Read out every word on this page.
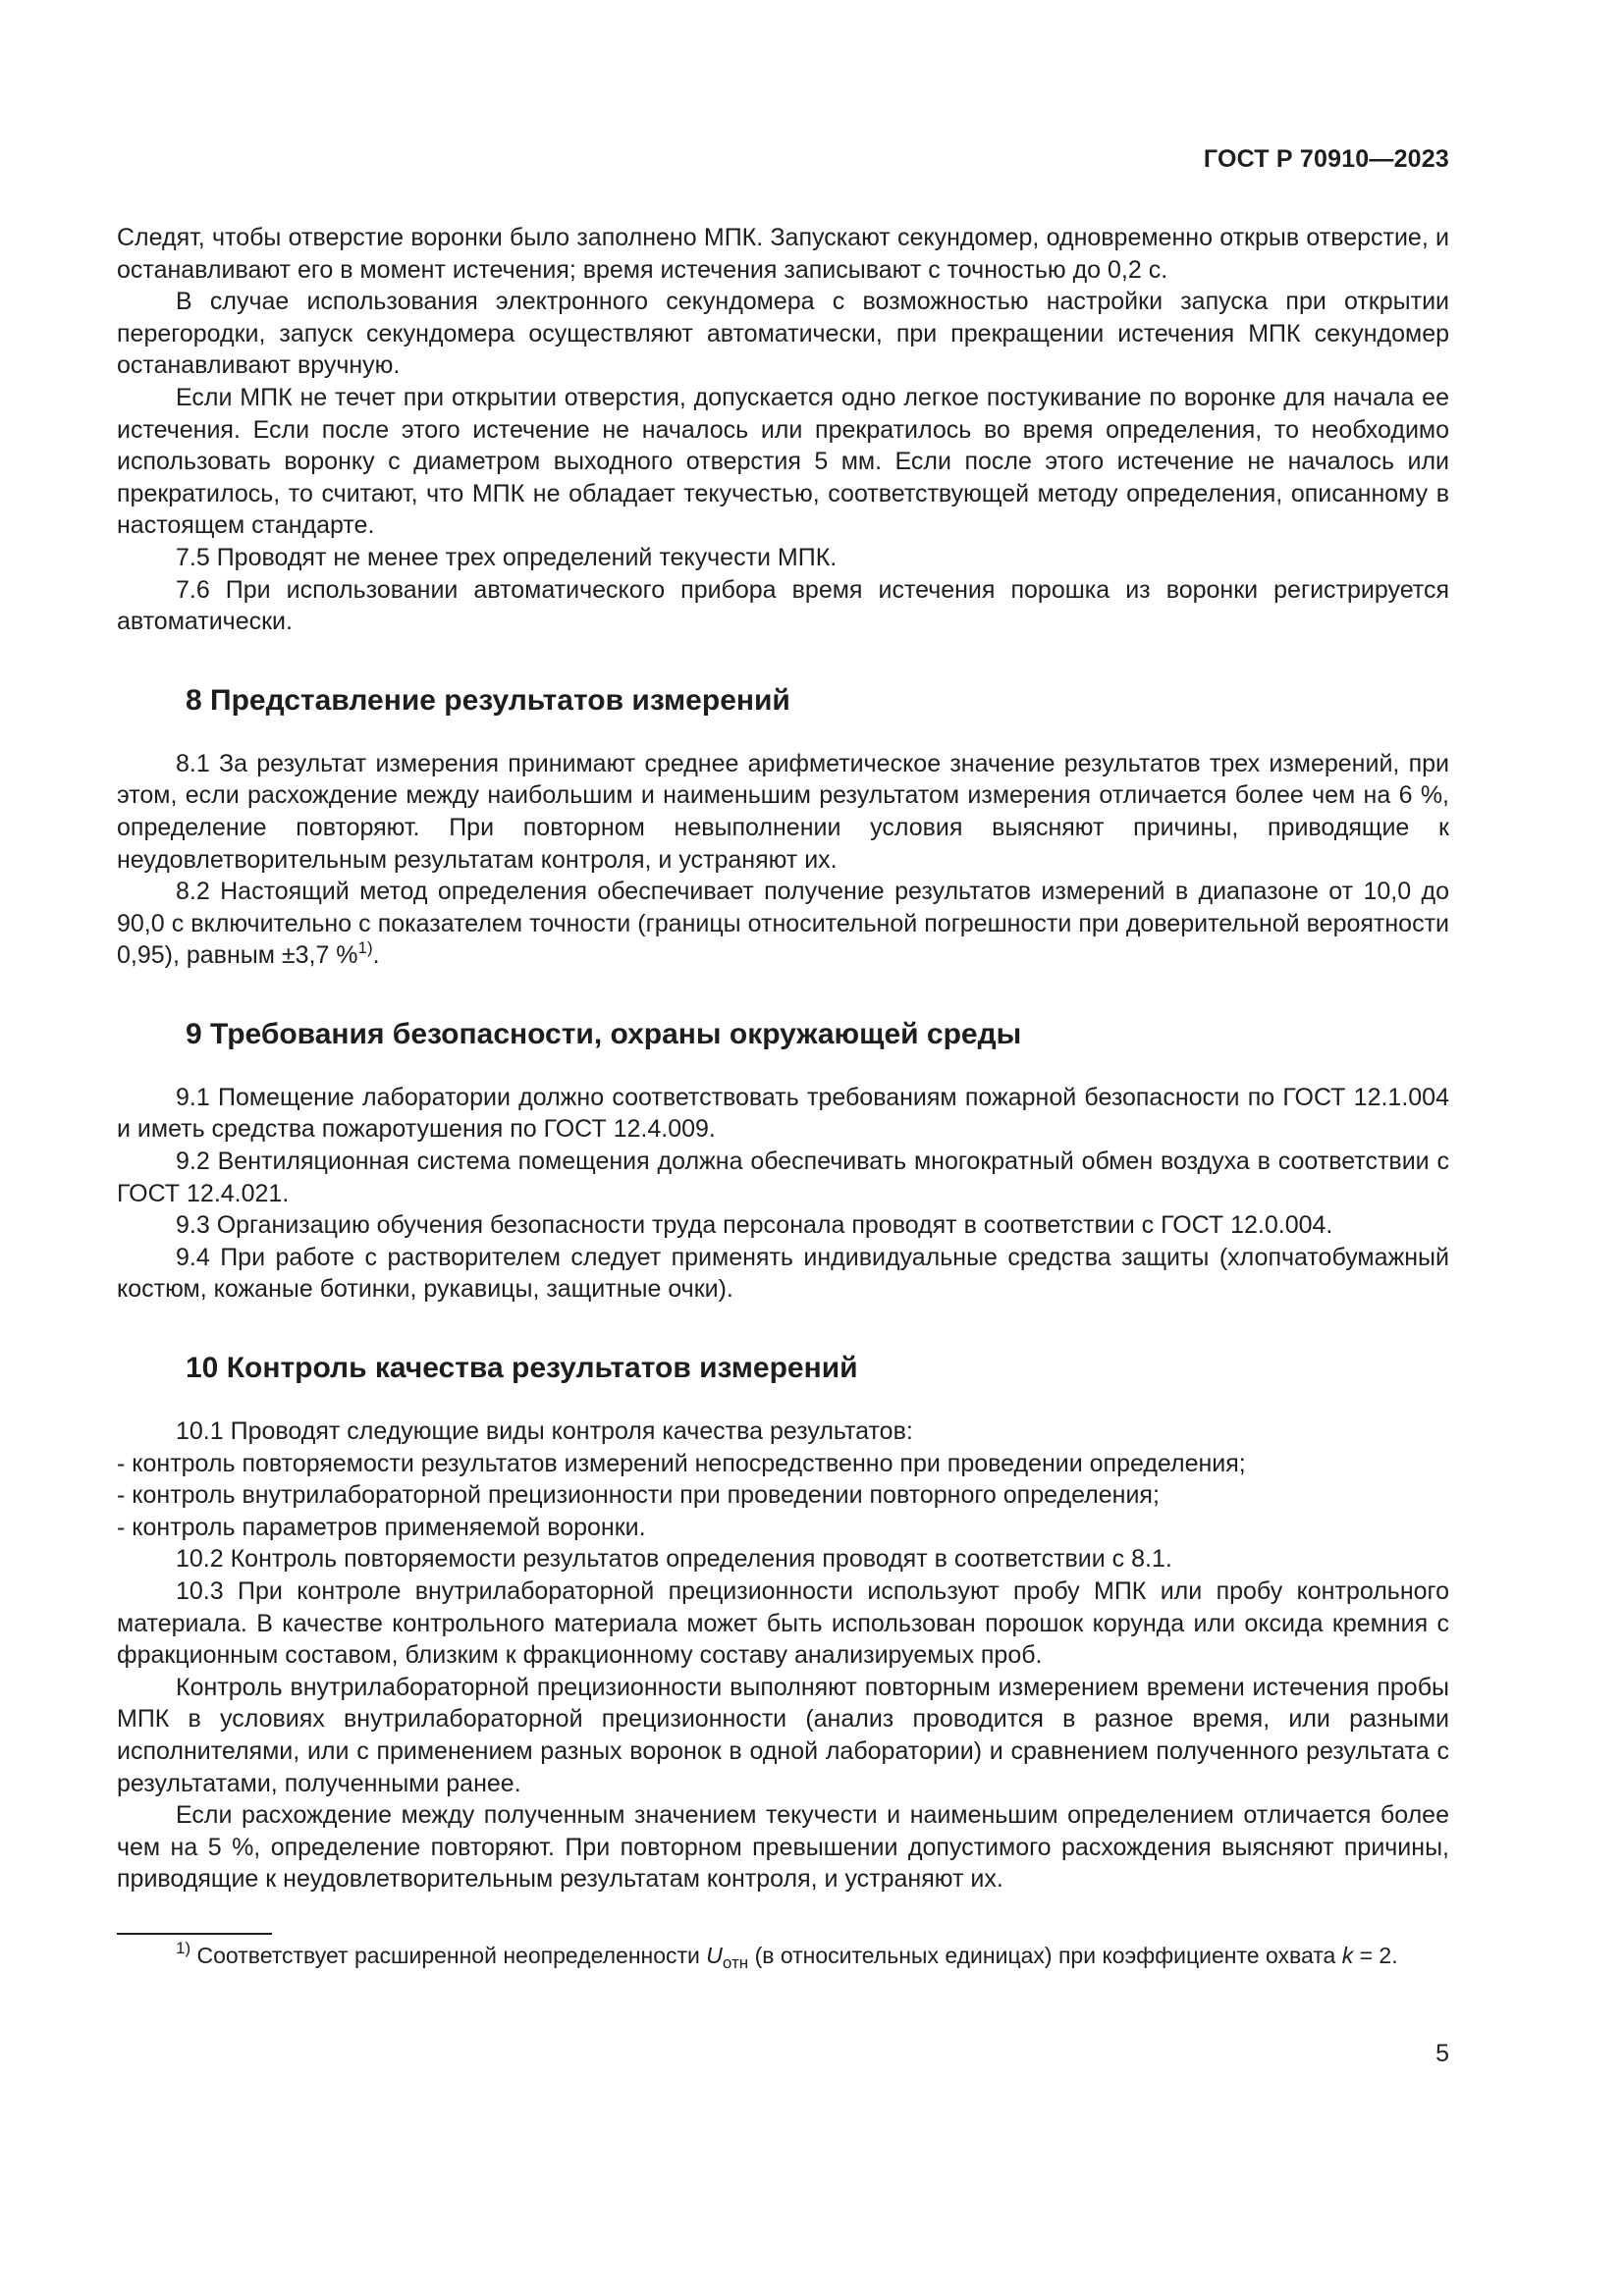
ГОСТ Р 70910—2023

Следят, чтобы отверстие воронки было заполнено МПК. Запускают секундомер, одновременно открыв отверстие, и останавливают его в момент истечения; время истечения записывают с точностью до 0,2 с.

В случае использования электронного секундомера с возможностью настройки запуска при открытии перегородки, запуск секундомера осуществляют автоматически, при прекращении истечения МПК секундомер останавливают вручную.

Если МПК не течет при открытии отверстия, допускается одно легкое постукивание по воронке для начала ее истечения. Если после этого истечение не началось или прекратилось во время определения, то необходимо использовать воронку с диаметром выходного отверстия 5 мм. Если после этого истечение не началось или прекратилось, то считают, что МПК не обладает текучестью, соответствующей методу определения, описанному в настоящем стандарте.

7.5 Проводят не менее трех определений текучести МПК.

7.6 При использовании автоматического прибора время истечения порошка из воронки регистрируется автоматически.

8 Представление результатов измерений

8.1 За результат измерения принимают среднее арифметическое значение результатов трех измерений, при этом, если расхождение между наибольшим и наименьшим результатом измерения отличается более чем на 6 %, определение повторяют. При повторном невыполнении условия выясняют причины, приводящие к неудовлетворительным результатам контроля, и устраняют их.

8.2 Настоящий метод определения обеспечивает получение результатов измерений в диапазоне от 10,0 до 90,0 с включительно с показателем точности (границы относительной погрешности при доверительной вероятности 0,95), равным ±3,7 %$^{1)}$.

9 Требования безопасности, охраны окружающей среды

9.1 Помещение лаборатории должно соответствовать требованиям пожарной безопасности по ГОСТ 12.1.004 и иметь средства пожаротушения по ГОСТ 12.4.009.

9.2 Вентиляционная система помещения должна обеспечивать многократный обмен воздуха в соответствии с ГОСТ 12.4.021.

9.3 Организацию обучения безопасности труда персонала проводят в соответствии с ГОСТ 12.0.004.

9.4 При работе с растворителем следует применять индивидуальные средства защиты (хлопчатобумажный костюм, кожаные ботинки, рукавицы, защитные очки).

10 Контроль качества результатов измерений

10.1 Проводят следующие виды контроля качества результатов:

- контроль повторяемости результатов измерений непосредственно при проведении определения;

- контроль внутрилабораторной прецизионности при проведении повторного определения;

- контроль параметров применяемой воронки.

10.2 Контроль повторяемости результатов определения проводят в соответствии с 8.1.

10.3 При контроле внутрилабораторной прецизионности используют пробу МПК или пробу контрольного материала. В качестве контрольного материала может быть использован порошок корунда или оксида кремния с фракционным составом, близким к фракционному составу анализируемых проб.

Контроль внутрилабораторной прецизионности выполняют повторным измерением времени истечения пробы МПК в условиях внутрилабораторной прецизионности (анализ проводится в разное время, или разными исполнителями, или с применением разных воронок в одной лаборатории) и сравнением полученного результата с результатами, полученными ранее.

Если расхождение между полученным значением текучести и наименьшим определением отличается более чем на 5 %, определение повторяют. При повторном превышении допустимого расхождения выясняют причины, приводящие к неудовлетворительным результатам контроля, и устраняют их.

$^{1)}$ Соответствует расширенной неопределенности $U_{отн}$ (в относительных единицах) при коэффициенте охвата k = 2.

5
